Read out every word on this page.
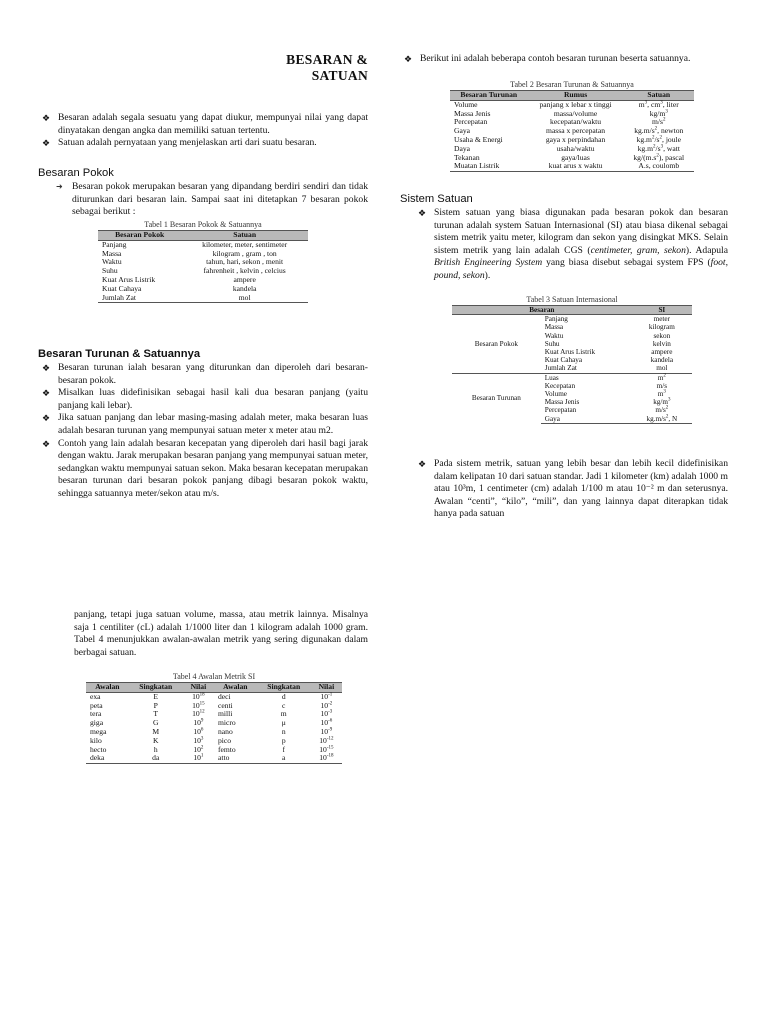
BESARAN &
SATUAN
❖ Besaran adalah segala sesuatu yang dapat diukur, mempunyai nilai yang dapat dinyatakan dengan angka dan memiliki satuan tertentu.
❖ Satuan adalah pernyataan yang menjelaskan arti dari suatu besaran.
Besaran Pokok
➜ Besaran pokok merupakan besaran yang dipandang berdiri sendiri dan tidak diturunkan dari besaran lain. Sampai saat ini ditetapkan 7 besaran pokok sebagai berikut :
Tabel 1 Besaran Pokok & Satuannya
Besaran Pokok	Satuan
Panjang	kilometer, meter, sentimeter
Massa	kilogram , gram , ton
Waktu	tahun, hari, sekon , menit
Suhu	fahrenheit , kelvin , celcius
Kuat Arus Listrik	ampere
Kuat Cahaya	kandela
Jumlah Zat	mol
Besaran Turunan & Satuannya
❖ Besaran turunan ialah besaran yang diturunkan dan diperoleh dari besaran-besaran pokok.
❖ Misalkan luas didefinisikan sebagai hasil kali dua besaran panjang (yaitu panjang kali lebar).
❖ Jika satuan panjang dan lebar masing-masing adalah meter, maka besaran luas adalah besaran turunan yang mempunyai satuan meter x meter atau m2.
❖ Contoh yang lain adalah besaran kecepatan yang diperoleh dari hasil bagi jarak dengan waktu. Jarak merupakan besaran panjang yang mempunyai satuan meter, sedangkan waktu mempunyai satuan sekon. Maka besaran kecepatan merupakan besaran turunan dari besaran pokok panjang dibagi besaran pokok waktu, sehingga satuannya meter/sekon atau m/s.
panjang, tetapi juga satuan volume, massa, atau metrik lainnya. Misalnya saja 1 centiliter (cL) adalah 1/1000 liter dan 1 kilogram adalah 1000 gram. Tabel 4 menunjukkan awalan-awalan metrik yang sering digunakan dalam berbagai satuan.
Tabel 4 Awalan Metrik SI
Awalan	Singkatan	Nilai	Awalan	Singkatan	Nilai
exa	E	$10^{18}$	deci	d	$10^{-1}$
peta	P	$10^{15}$	centi	c	$10^{-2}$
tera	T	$10^{12}$	milli	m	$10^{-3}$
giga	G	$10^9$	micro	μ	$10^{-6}$
mega	M	$10^6$	nano	n	$10^{-9}$
kilo	K	$10^3$	pico	p	$10^{-12}$
hecto	h	$10^2$	femto	f	$10^{-15}$
deka	da	$10^1$	atto	a	$10^{-18}$
❖ Berikut ini adalah beberapa contoh besaran turunan beserta satuannya.
Tabel 2 Besaran Turunan & Satuannya
Besaran Turunan	Rumus	Satuan
Volume	panjang x lebar x tinggi	$m^3$, $cm^3$, liter
Massa Jenis	massa/volume	$kg/m^3$
Percepatan	kecepatan/waktu	$m/s^2$
Gaya	massa x percepatan	$kg.m/s^2$, newton
Usaha & Energi	gaya x perpindahan	$kg.m^2/s^2$, joule
Daya	usaha/waktu	$kg.m^2/s^3$, watt
Tekanan	gaya/luas	$kg/(m.s^2)$, pascal
Muatan Listrik	kuat arus x waktu	A.s, coulomb
Sistem Satuan
❖ Sistem satuan yang biasa digunakan pada besaran pokok dan besaran turunan adalah system Satuan Internasional (SI) atau biasa dikenal sebagai sistem metrik yaitu meter, kilogram dan sekon yang disingkat MKS. Selain sistem metrik yang lain adalah CGS (centimeter, gram, sekon). Adapula British Engineering System yang biasa disebut sebagai system FPS (foot, pound, sekon).
Tabel 3 Satuan Internasional
Besaran		SI
Besaran Pokok	Panjang	meter
	Massa	kilogram
	Waktu	sekon
	Suhu	kelvin
	Kuat Arus Listrik	ampere
	Kuat Cahaya	kandela
	Jumlah Zat	mol
Besaran Turunan	Luas	$m^2$
	Kecepatan	m/s
	Volume	$m^3$
	Massa Jenis	$kg/m^3$
	Percepatan	$m/s^2$
	Gaya	$kg.m/s^2$, N
❖ Pada sistem metrik, satuan yang lebih besar dan lebih kecil didefinisikan dalam kelipatan 10 dari satuan standar. Jadi 1 kilometer (km) adalah 1000 m atau 10³m, 1 centimeter (cm) adalah 1/100 m atau 10⁻² m dan seterusnya. Awalan “centi”, “kilo”, “mili”, dan yang lainnya dapat diterapkan tidak hanya pada satuan
